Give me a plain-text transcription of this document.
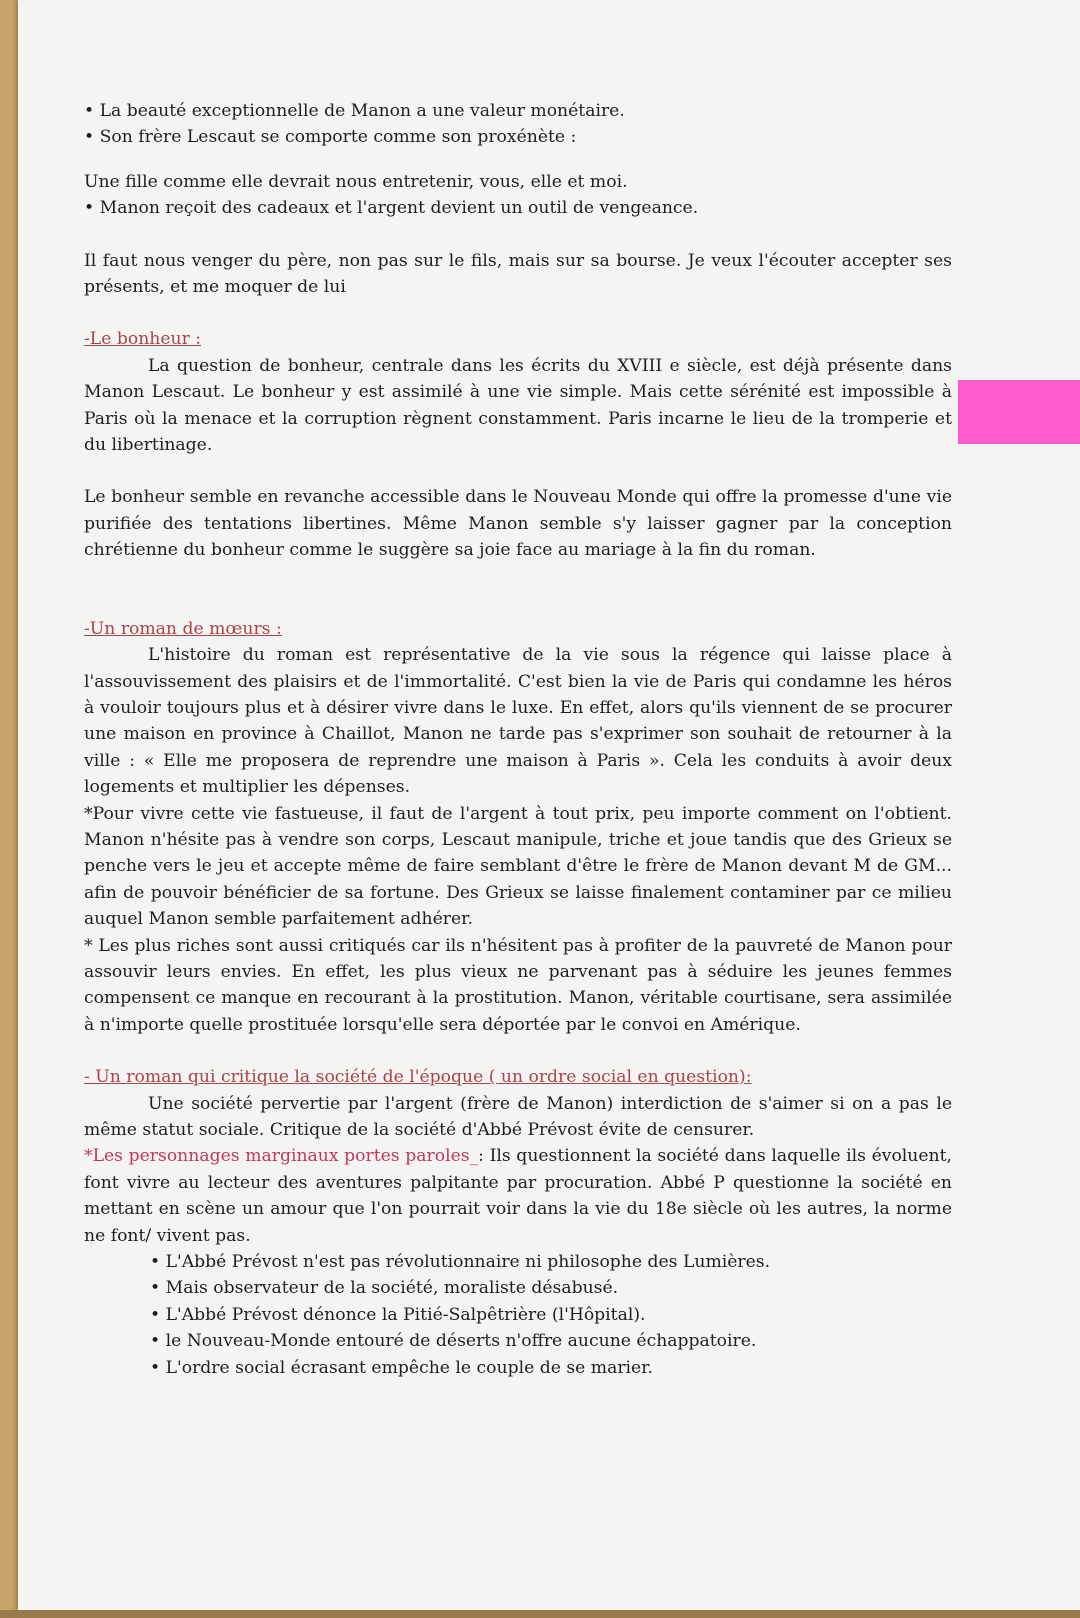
• La beauté exceptionnelle de Manon a une valeur monétaire.

• Son frère Lescaut se comporte comme son proxénète :

Une fille comme elle devrait nous entretenir, vous, elle et moi.

• Manon reçoit des cadeaux et l'argent devient un outil de vengeance.

Il faut nous venger du père, non pas sur le fils, mais sur sa bourse. Je veux l'écouter accepter ses présents, et me moquer de lui

-Le bonheur :

La question de bonheur, centrale dans les écrits du XVIII e siècle, est déjà présente dans Manon Lescaut. Le bonheur y est assimilé à une vie simple. Mais cette sérénité est impossible à Paris où la menace et la corruption règnent constamment. Paris incarne le lieu de la tromperie et du libertinage.

Le bonheur semble en revanche accessible dans le Nouveau Monde qui offre la promesse d'une vie purifiée des tentations libertines. Même Manon semble s'y laisser gagner par la conception chrétienne du bonheur comme le suggère sa joie face au mariage à la fin du roman.

-Un roman de mœurs :

L'histoire du roman est représentative de la vie sous la régence qui laisse place à l'assouvissement des plaisirs et de l'immortalité. C'est bien la vie de Paris qui condamne les héros à vouloir toujours plus et à désirer vivre dans le luxe. En effet, alors qu'ils viennent de se procurer une maison en province à Chaillot, Manon ne tarde pas s'exprimer son souhait de retourner à la ville : « Elle me proposera de reprendre une maison à Paris ». Cela les conduits à avoir deux logements et multiplier les dépenses.

*Pour vivre cette vie fastueuse, il faut de l'argent à tout prix, peu importe comment on l'obtient. Manon n'hésite pas à vendre son corps, Lescaut manipule, triche et joue tandis que des Grieux se penche vers le jeu et accepte même de faire semblant d'être le frère de Manon devant M de GM... afin de pouvoir bénéficier de sa fortune. Des Grieux se laisse finalement contaminer par ce milieu auquel Manon semble parfaitement adhérer.

* Les plus riches sont aussi critiqués car ils n'hésitent pas à profiter de la pauvreté de Manon pour assouvir leurs envies. En effet, les plus vieux ne parvenant pas à séduire les jeunes femmes compensent ce manque en recourant à la prostitution. Manon, véritable courtisane, sera assimilée à n'importe quelle prostituée lorsqu'elle sera déportée par le convoi en Amérique.

- Un roman qui critique la société de l'époque ( un ordre social en question):

Une société pervertie par l'argent (frère de Manon) interdiction de s'aimer si on a pas le même statut sociale. Critique de la société d'Abbé Prévost évite de censurer.

*Les personnages marginaux portes paroles_: Ils questionnent la société dans laquelle ils évoluent, font vivre au lecteur des aventures palpitante par procuration. Abbé P questionne la société en mettant en scène un amour que l'on pourrait voir dans la vie du 18e siècle où les autres, la norme ne font/ vivent pas.

• L'Abbé Prévost n'est pas révolutionnaire ni philosophe des Lumières.
• Mais observateur de la société, moraliste désabusé.
• L'Abbé Prévost dénonce la Pitié-Salpêtrière (l'Hôpital).
• le Nouveau-Monde entouré de déserts n'offre aucune échappatoire.
• L'ordre social écrasant empêche le couple de se marier.
